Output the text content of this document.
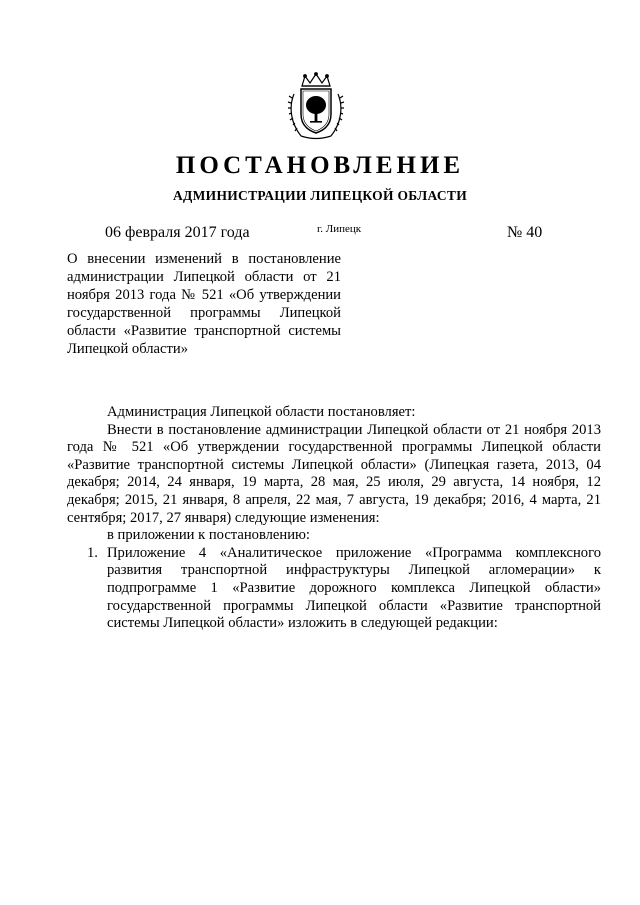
ПОСТАНОВЛЕНИЕ
АДМИНИСТРАЦИИ ЛИПЕЦКОЙ ОБЛАСТИ
06 февраля 2017 года	г. Липецк	№ 40
О внесении изменений в постановление администрации Липецкой области от 21 ноября 2013 года № 521 «Об утверждении государственной программы Липецкой области «Развитие транспортной системы Липецкой области»

Администрация Липецкой области постановляет:

Внести в постановление администрации Липецкой области от 21 ноября 2013 года № 521 «Об утверждении государственной программы Липецкой области «Развитие транспортной системы Липецкой области» (Липецкая газета, 2013, 04 декабря; 2014, 24 января, 19 марта, 28 мая, 25 июля, 29 августа, 14 ноября, 12 декабря; 2015, 21 января, 8 апреля, 22 мая, 7 августа, 19 декабря; 2016, 4 марта, 21 сентября; 2017, 27 января) следующие изменения:

в приложении к постановлению:

1. Приложение 4 «Аналитическое приложение «Программа комплексного развития транспортной инфраструктуры Липецкой агломерации» к подпрограмме 1 «Развитие дорожного комплекса Липецкой области» государственной программы Липецкой области «Развитие транспортной системы Липецкой области» изложить в следующей редакции:
